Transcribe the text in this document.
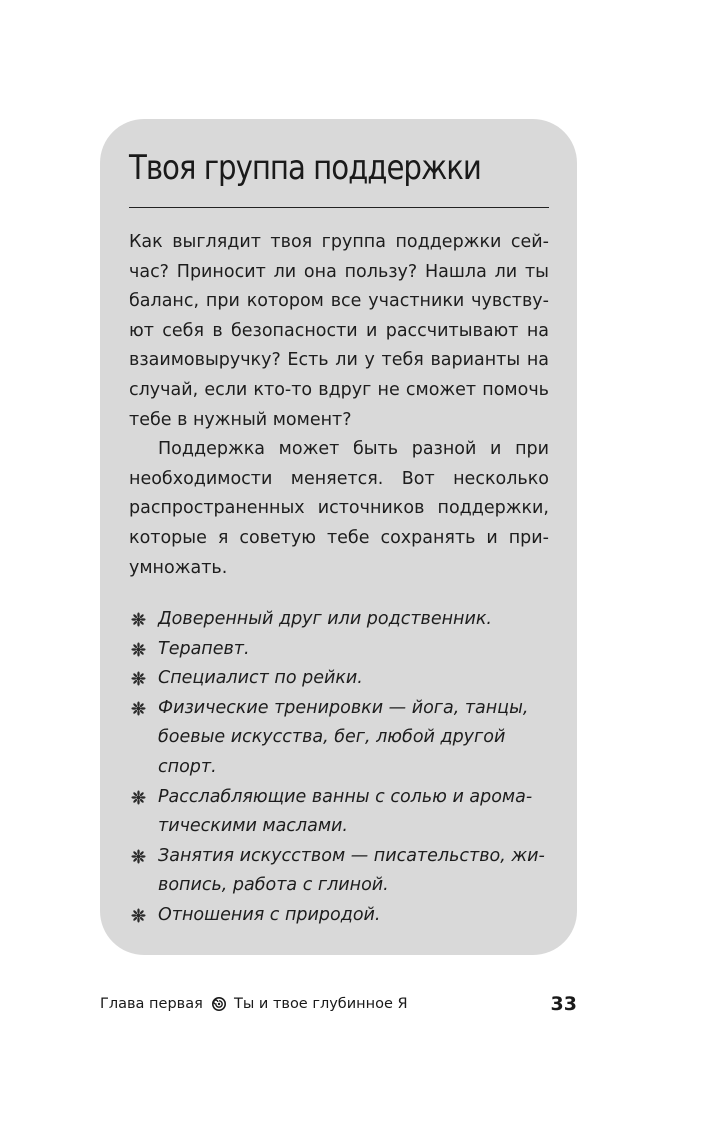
Твоя группа поддержки

Как выглядит твоя группа поддержки сейчас? Приносит ли она пользу? Нашла ли ты баланс, при котором все участники чувствуют себя в безопасности и рассчитывают на взаимовыручку? Есть ли у тебя варианты на случай, если кто-то вдруг не сможет помочь тебе в нужный момент?

Поддержка может быть разной и при необходимости меняется. Вот несколько распространенных источников поддержки, которые я советую тебе сохранять и приумножать.

Доверенный друг или родственник.
Терапевт.
Специалист по рейки.
Физические тренировки — йога, танцы, боевые искусства, бег, любой другой спорт.
Расслабляющие ванны с солью и ароматическими маслами.
Занятия искусством — писательство, живопись, работа с глиной.
Отношения с природой.
Глава первая Ты и твое глубинное Я	33
